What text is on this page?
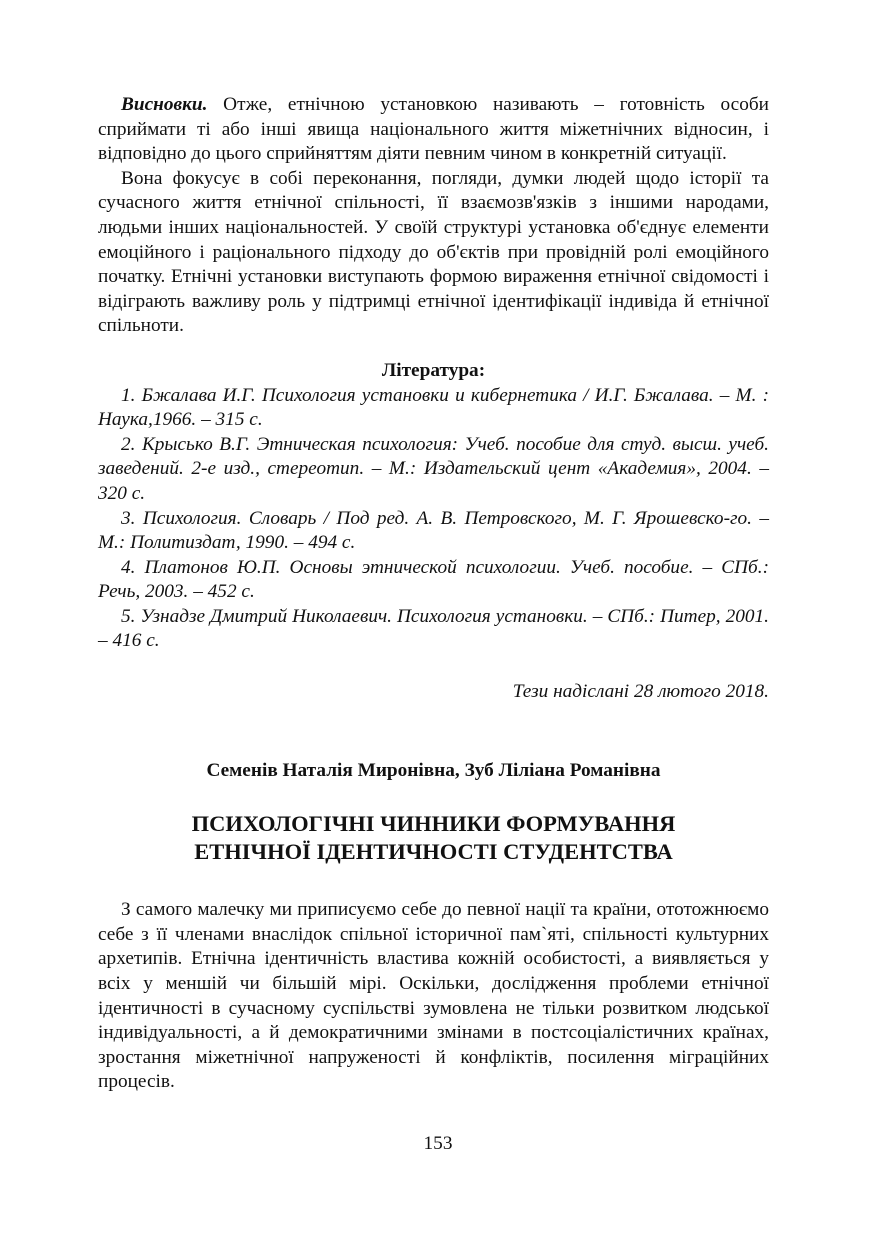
Висновки. Отже, етнічною установкою називають – готовність особи сприймати ті або інші явища національного життя міжетнічних відносин, і відповідно до цього сприйняттям діяти певним чином в конкретній ситуації.

Вона фокусує в собі переконання, погляди, думки людей щодо історії та сучасного життя етнічної спільності, її взаємозв'язків з іншими народами, людьми інших національностей. У своїй структурі установка об'єднує елементи емоційного і раціонального підходу до об'єктів при провідній ролі емоційного початку. Етнічні установки виступають формою вираження етнічної свідомості і відіграють важливу роль у підтримці етнічної ідентифікації індивіда й етнічної спільноти.

Література:

1. Бжалава И.Г. Психология установки и кибернетика / И.Г. Бжалава. – М. : Наука,1966. – 315 с.

2. Крысько В.Г. Этническая психология: Учеб. пособие для студ. высш. учеб. заведений. 2-е изд., стереотип. – М.: Издательский цент «Академия», 2004. – 320 с.

3. Психология. Словарь / Под ред. А. В. Петровского, М. Г. Ярошевско-го. – М.: Политиздат, 1990. – 494 с.

4. Платонов Ю.П. Основы этнической психологии. Учеб. пособие. – СПб.: Речь, 2003. – 452 с.

5. Узнадзе Дмитрий Николаевич. Психология установки. – СПб.: Питер, 2001. – 416 с.

Тези надіслані 28 лютого 2018.

Семенів Наталія Миронівна, Зуб Ліліана Романівна

ПСИХОЛОГІЧНІ ЧИННИКИ ФОРМУВАННЯ
ЕТНІЧНОЇ ІДЕНТИЧНОСТІ СТУДЕНТСТВА

З самого малечку ми приписуємо себе до певної нації та країни, ототожнюємо себе з її членами внаслідок спільної історичної пам`яті, спільності культурних архетипів. Етнічна ідентичність властива кожній особистості, а виявляється у всіх у меншій чи більшій мірі. Оскільки, дослідження проблеми етнічної ідентичності в сучасному суспільстві зумовлена не тільки розвитком людської індивідуальності, а й демократичними змінами в постсоціалістичних країнах, зростання міжетнічної напруженості й конфліктів, посилення міграційних процесів.

153
